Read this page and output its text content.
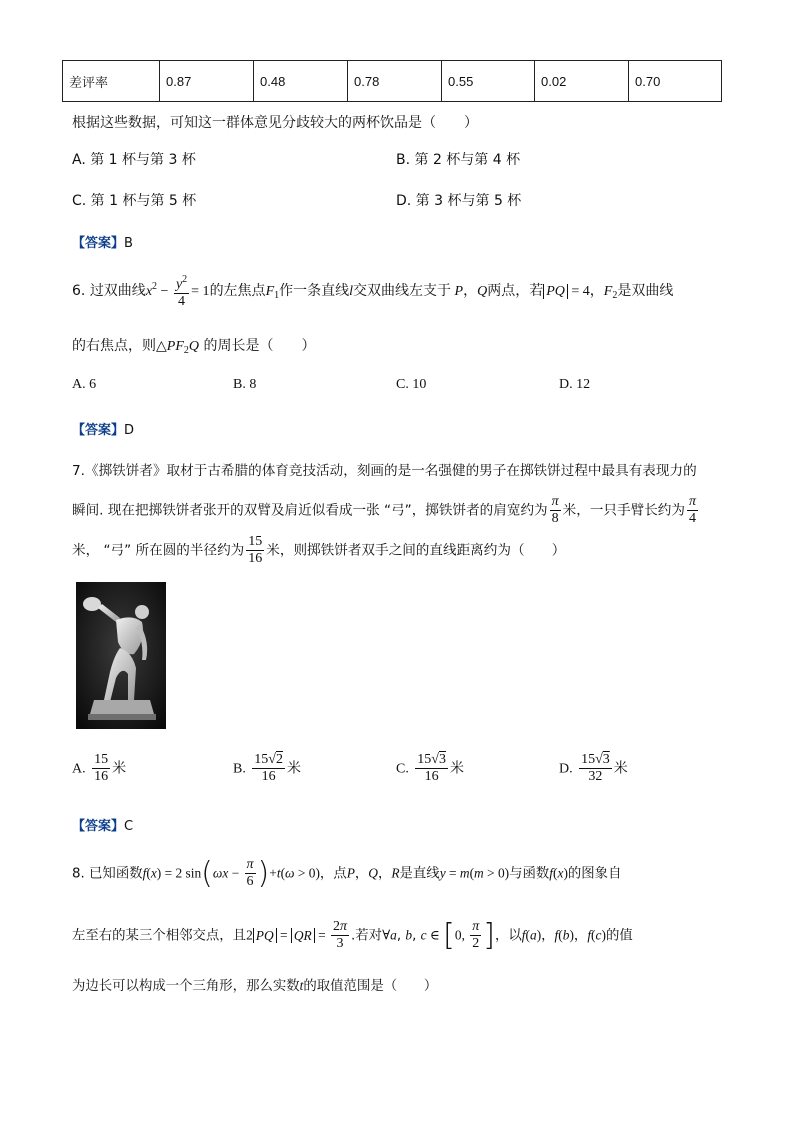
差评率	0.87	0.48	0.78	0.55	0.02	0.70
根据这些数据，可知这一群体意见分歧较大的两杯饮品是（　　）
A. 第 1 杯与第 3 杯	B. 第 2 杯与第 4 杯
C. 第 1 杯与第 5 杯	D. 第 3 杯与第 5 杯
【答案】B
6. 过双曲线$x^2 - \frac{y^2}{4} = 1$的左焦点$F_1$作一条直线l交双曲线左支于 P，Q两点，若 PQ = 4，$F_2$是双曲线
的右焦点，则$\triangle PF_2Q$ 的周长是（　　）
A. 6	B. 8	C. 10	D. 12
【答案】D
7.《掷铁饼者》取材于古希腊的体育竞技活动，刻画的是一名强健的男子在掷铁饼过程中最具有表现力的
瞬间. 现在把掷铁饼者张开的双臂及肩近似看成一张 “弓”，掷铁饼者的肩宽约为 $\frac{\pi}{8}$ 米，一只手臂长约为 $\frac{\pi}{4}$
米， “弓” 所在圆的半径约为 $\frac{15}{16}$ 米，则掷铁饼者双手之间的直线距离约为（　　）
A. $\frac{15}{16}$ 米	B. $\frac{15√2}{16}$ 米	C. $\frac{15√3}{16}$ 米	D. $\frac{15√3}{32}$ 米
【答案】C
8. 已知函数f(x) = 2 $\sin(\omega x - \frac{\pi}{6} )+t(\omega > 0)$，点P，Q，R是直线y = m(m > 0)与函数f(x)的图象自
左至右的某三个相邻交点，且2 PQ = QR = $\frac{2\pi}{3}$ .若对∀a, b, c ∈ [0, $\frac{\pi}{2}$ ]，以f(a)，f(b)，f(c)的值
为边长可以构成一个三角形，那么实数t的取值范围是（　　）
